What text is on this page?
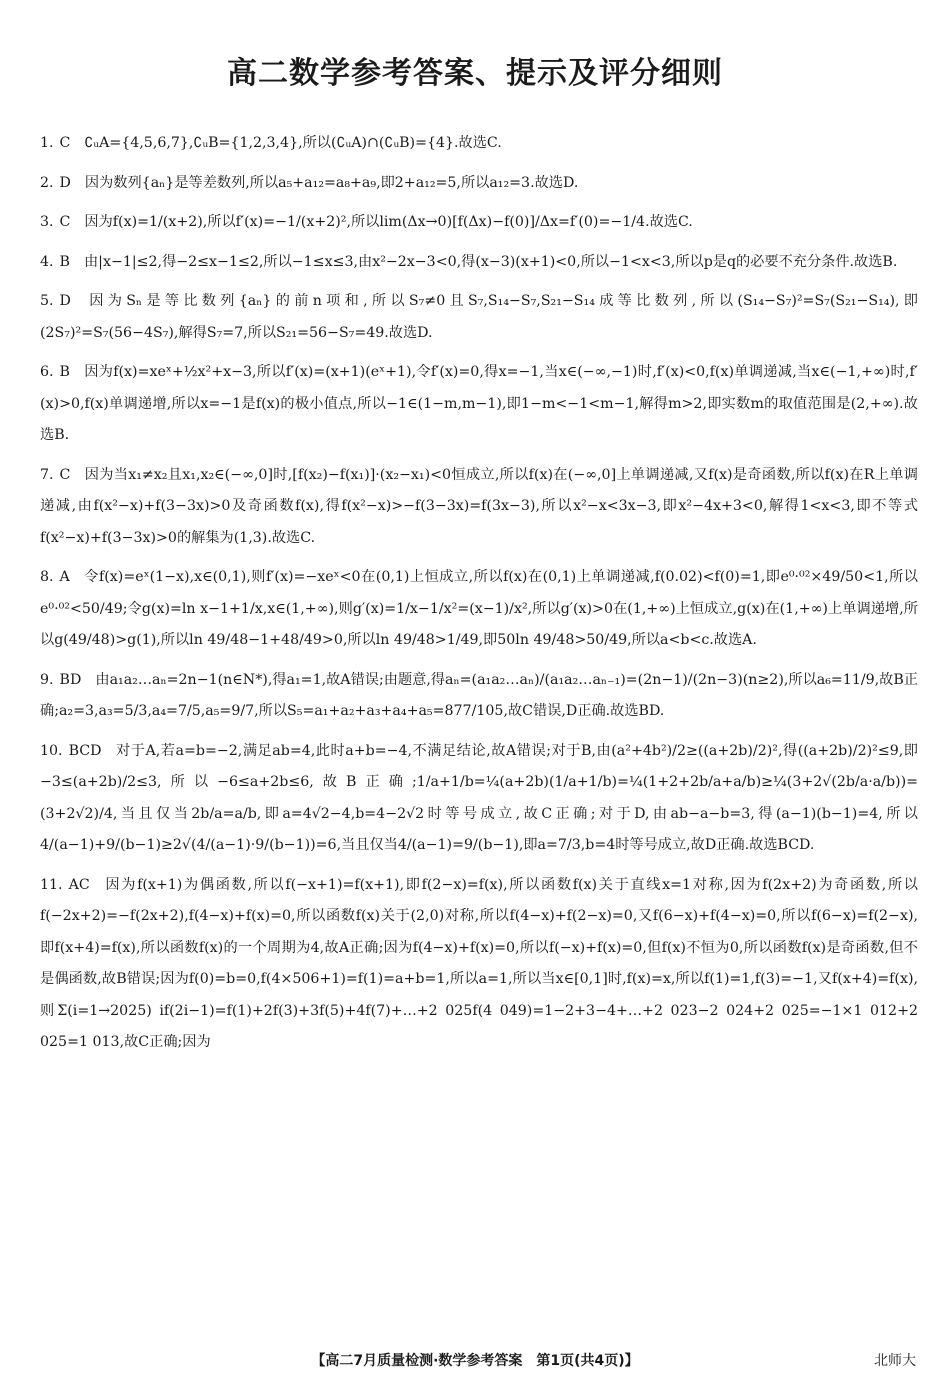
高二数学参考答案、提示及评分细则
1. C ∁ᵤA={4,5,6,7},∁ᵤB={1,2,3,4},所以(∁ᵤA)∩(∁ᵤB)={4}.故选C.
2. D 因为数列{aₙ}是等差数列,所以a₅+a₁₂=a₈+a₉,即2+a₁₂=5,所以a₁₂=3.故选D.
3. C 因为f(x)=1/(x+2),所以f′(x)=−1/(x+2)²,所以lim(Δx→0)[f(Δx)−f(0)]/Δx=f′(0)=−1/4.故选C.
4. B 由|x−1|≤2,得−2≤x−1≤2,所以−1≤x≤3,由x²−2x−3<0,得(x−3)(x+1)<0,所以−1<x<3,所以p是q的必要不充分条件.故选B.
5. D 因为Sₙ是等比数列{aₙ}的前n项和,所以S₇≠0且S₇,S₁₄−S₇,S₂₁−S₁₄成等比数列,所以(S₁₄−S₇)²=S₇(S₂₁−S₁₄),即(2S₇)²=S₇(56−4S₇),解得S₇=7,所以S₂₁=56−S₇=49.故选D.
6. B 因为f(x)=xeˣ+½x²+x−3,所以f′(x)=(x+1)(eˣ+1),令f′(x)=0,得x=−1,当x∈(−∞,−1)时,f′(x)<0,f(x)单调递减,当x∈(−1,+∞)时,f′(x)>0,f(x)单调递增,所以x=−1是f(x)的极小值点,所以−1∈(1−m,m−1),即1−m<−1<m−1,解得m>2,即实数m的取值范围是(2,+∞).故选B.
7. C 因为当x₁≠x₂且x₁,x₂∈(−∞,0]时,[f(x₂)−f(x₁)]·(x₂−x₁)<0恒成立,所以f(x)在(−∞,0]上单调递减,又f(x)是奇函数,所以f(x)在R上单调递减,由f(x²−x)+f(3−3x)>0及奇函数f(x),得f(x²−x)>−f(3−3x)=f(3x−3),所以x²−x<3x−3,即x²−4x+3<0,解得1<x<3,即不等式f(x²−x)+f(3−3x)>0的解集为(1,3).故选C.
8. A 令f(x)=eˣ(1−x),x∈(0,1),则f′(x)=−xeˣ<0在(0,1)上恒成立,所以f(x)在(0,1)上单调递减,f(0.02)<f(0)=1,即e⁰·⁰²×49/50<1,所以e⁰·⁰²<50/49;令g(x)=ln x−1+1/x,x∈(1,+∞),则g′(x)=1/x−1/x²=(x−1)/x²,所以g′(x)>0在(1,+∞)上恒成立,g(x)在(1,+∞)上单调递增,所以g(49/48)>g(1),所以ln 49/48−1+48/49>0,所以ln 49/48>1/49,即50ln 49/48>50/49,所以a<b<c.故选A.
9. BD 由a₁a₂…aₙ=2n−1(n∈N*),得a₁=1,故A错误;由题意,得aₙ=(a₁a₂…aₙ)/(a₁a₂…aₙ₋₁)=(2n−1)/(2n−3)(n≥2),所以a₆=11/9,故B正确;a₂=3,a₃=5/3,a₄=7/5,a₅=9/7,所以S₅=a₁+a₂+a₃+a₄+a₅=877/105,故C错误,D正确.故选BD.
10. BCD 对于A,若a=b=−2,满足ab=4,此时a+b=−4,不满足结论,故A错误;对于B,由(a²+4b²)/2≥((a+2b)/2)²,得((a+2b)/2)²≤9,即−3≤(a+2b)/2≤3,所以−6≤a+2b≤6,故B正确;1/a+1/b=¼(a+2b)(1/a+1/b)=¼(1+2+2b/a+a/b)≥¼(3+2√(2b/a·a/b))=(3+2√2)/4,当且仅当2b/a=a/b,即a=4√2−4,b=4−2√2时等号成立,故C正确;对于D,由ab−a−b=3,得(a−1)(b−1)=4,所以4/(a−1)+9/(b−1)≥2√(4/(a−1)·9/(b−1))=6,当且仅当4/(a−1)=9/(b−1),即a=7/3,b=4时等号成立,故D正确.故选BCD.
11. AC 因为f(x+1)为偶函数,所以f(−x+1)=f(x+1),即f(2−x)=f(x),所以函数f(x)关于直线x=1对称,因为f(2x+2)为奇函数,所以f(−2x+2)=−f(2x+2),f(4−x)+f(x)=0,所以函数f(x)关于(2,0)对称,所以f(4−x)+f(2−x)=0,又f(6−x)+f(4−x)=0,所以f(6−x)=f(2−x),即f(x+4)=f(x),所以函数f(x)的一个周期为4,故A正确;因为f(4−x)+f(x)=0,所以f(−x)+f(x)=0,但f(x)不恒为0,所以函数f(x)是奇函数,但不是偶函数,故B错误;因为f(0)=b=0,f(4×506+1)=f(1)=a+b=1,所以a=1,所以当x∈[0,1]时,f(x)=x,所以f(1)=1,f(3)=−1,又f(x+4)=f(x),则Σ(i=1→2025) if(2i−1)=f(1)+2f(3)+3f(5)+4f(7)+…+2 025f(4 049)=1−2+3−4+…+2 023−2 024+2 025=−1×1 012+2 025=1 013,故C正确;因为
【高二7月质量检测·数学参考答案　第1页(共4页)】	北师大
